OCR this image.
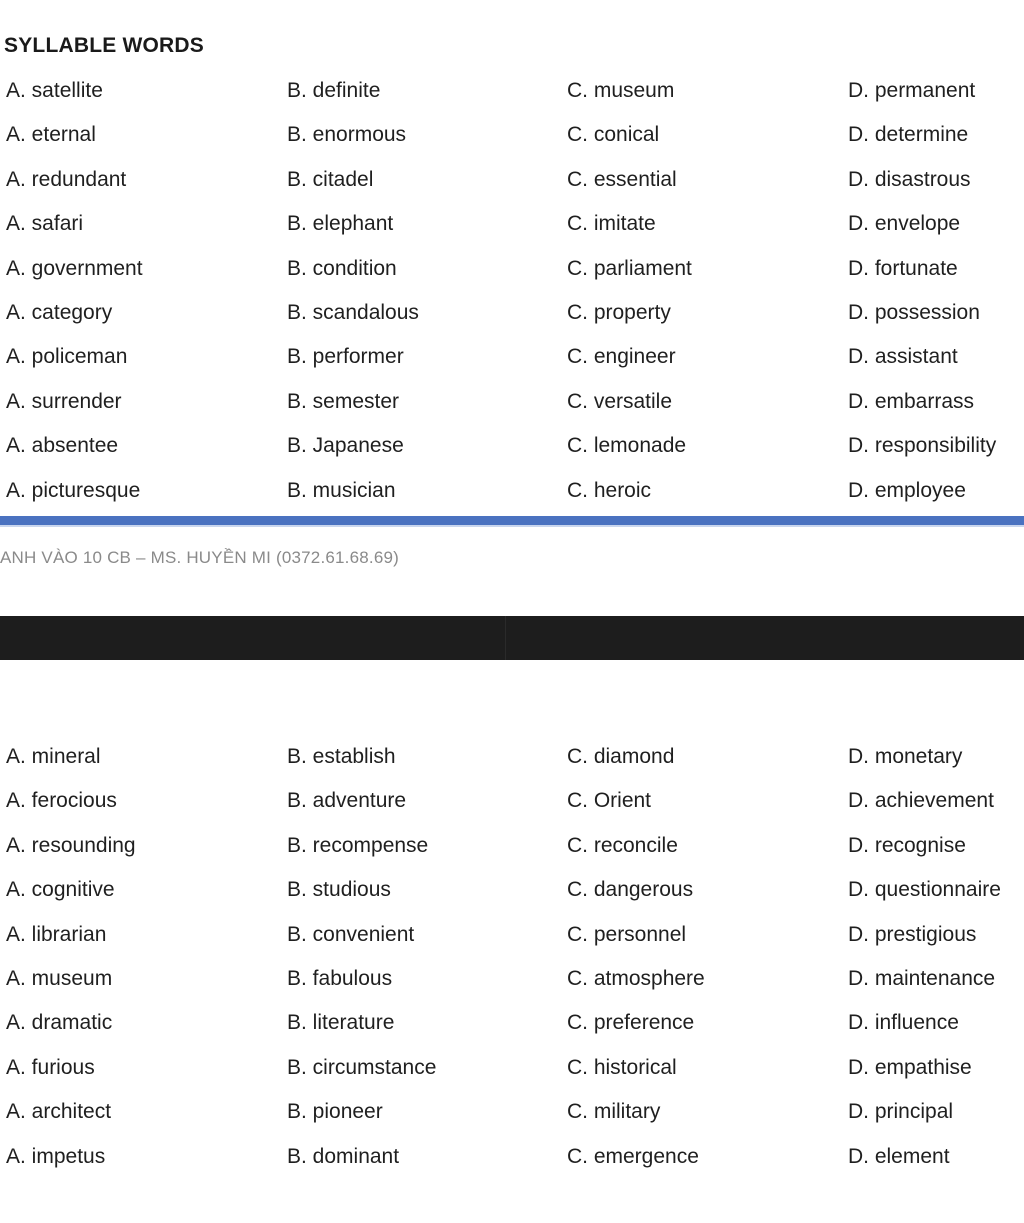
SYLLABLE WORDS
A. satellite	B. definite	C. museum	D. permanent
A. eternal	B. enormous	C. conical	D. determine
A. redundant	B. citadel	C. essential	D. disastrous
A. safari	B. elephant	C. imitate	D. envelope
A. government	B. condition	C. parliament	D. fortunate
A. category	B. scandalous	C. property	D. possession
A. policeman	B. performer	C. engineer	D. assistant
A. surrender	B. semester	C. versatile	D. embarrass
A. absentee	B. Japanese	C. lemonade	D. responsibility
A. picturesque	B. musician	C. heroic	D. employee
ANH VÀO 10 CB – MS. HUYỀN MI (0372.61.68.69)
A. mineral	B. establish	C. diamond	D. monetary
A. ferocious	B. adventure	C. Orient	D. achievement
A. resounding	B. recompense	C. reconcile	D. recognise
A. cognitive	B. studious	C. dangerous	D. questionnaire
A. librarian	B. convenient	C. personnel	D. prestigious
A. museum	B. fabulous	C. atmosphere	D. maintenance
A. dramatic	B. literature	C. preference	D. influence
A. furious	B. circumstance	C. historical	D. empathise
A. architect	B. pioneer	C. military	D. principal
A. impetus	B. dominant	C. emergence	D. element
